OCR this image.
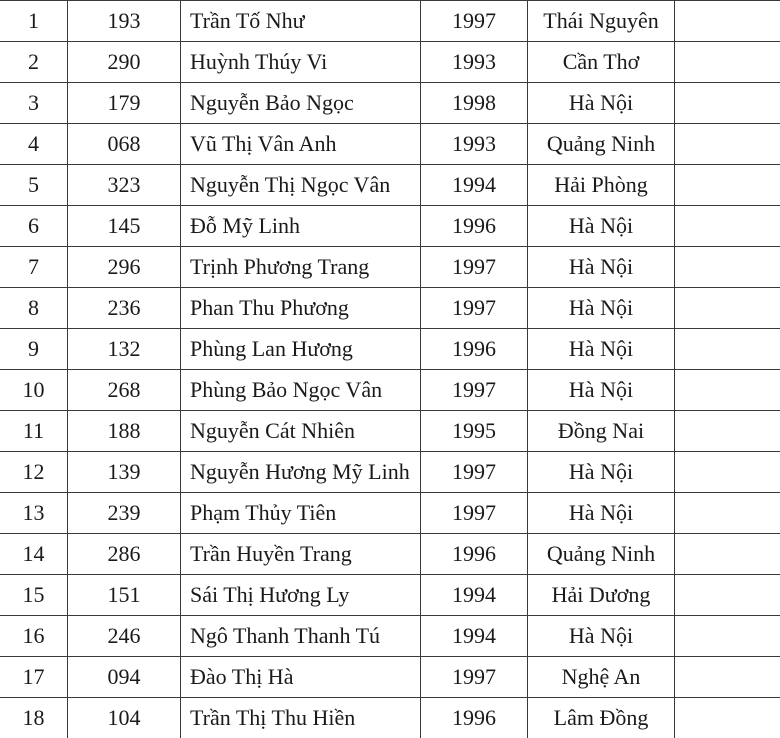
1	193	Trần Tố Như	1997	Thái Nguyên	
2	290	Huỳnh Thúy Vi	1993	Cần Thơ	
3	179	Nguyễn Bảo Ngọc	1998	Hà Nội	
4	068	Vũ Thị Vân Anh	1993	Quảng Ninh	
5	323	Nguyễn Thị Ngọc Vân	1994	Hải Phòng	
6	145	Đỗ Mỹ Linh	1996	Hà Nội	
7	296	Trịnh Phương Trang	1997	Hà Nội	
8	236	Phan Thu Phương	1997	Hà Nội	
9	132	Phùng Lan Hương	1996	Hà Nội	
10	268	Phùng Bảo Ngọc Vân	1997	Hà Nội	
11	188	Nguyễn Cát Nhiên	1995	Đồng Nai	
12	139	Nguyễn Hương Mỹ Linh	1997	Hà Nội	
13	239	Phạm Thủy Tiên	1997	Hà Nội	
14	286	Trần Huyền Trang	1996	Quảng Ninh	
15	151	Sái Thị Hương Ly	1994	Hải Dương	
16	246	Ngô Thanh Thanh Tú	1994	Hà Nội	
17	094	Đào Thị Hà	1997	Nghệ An	
18	104	Trần Thị Thu Hiền	1996	Lâm Đồng	
